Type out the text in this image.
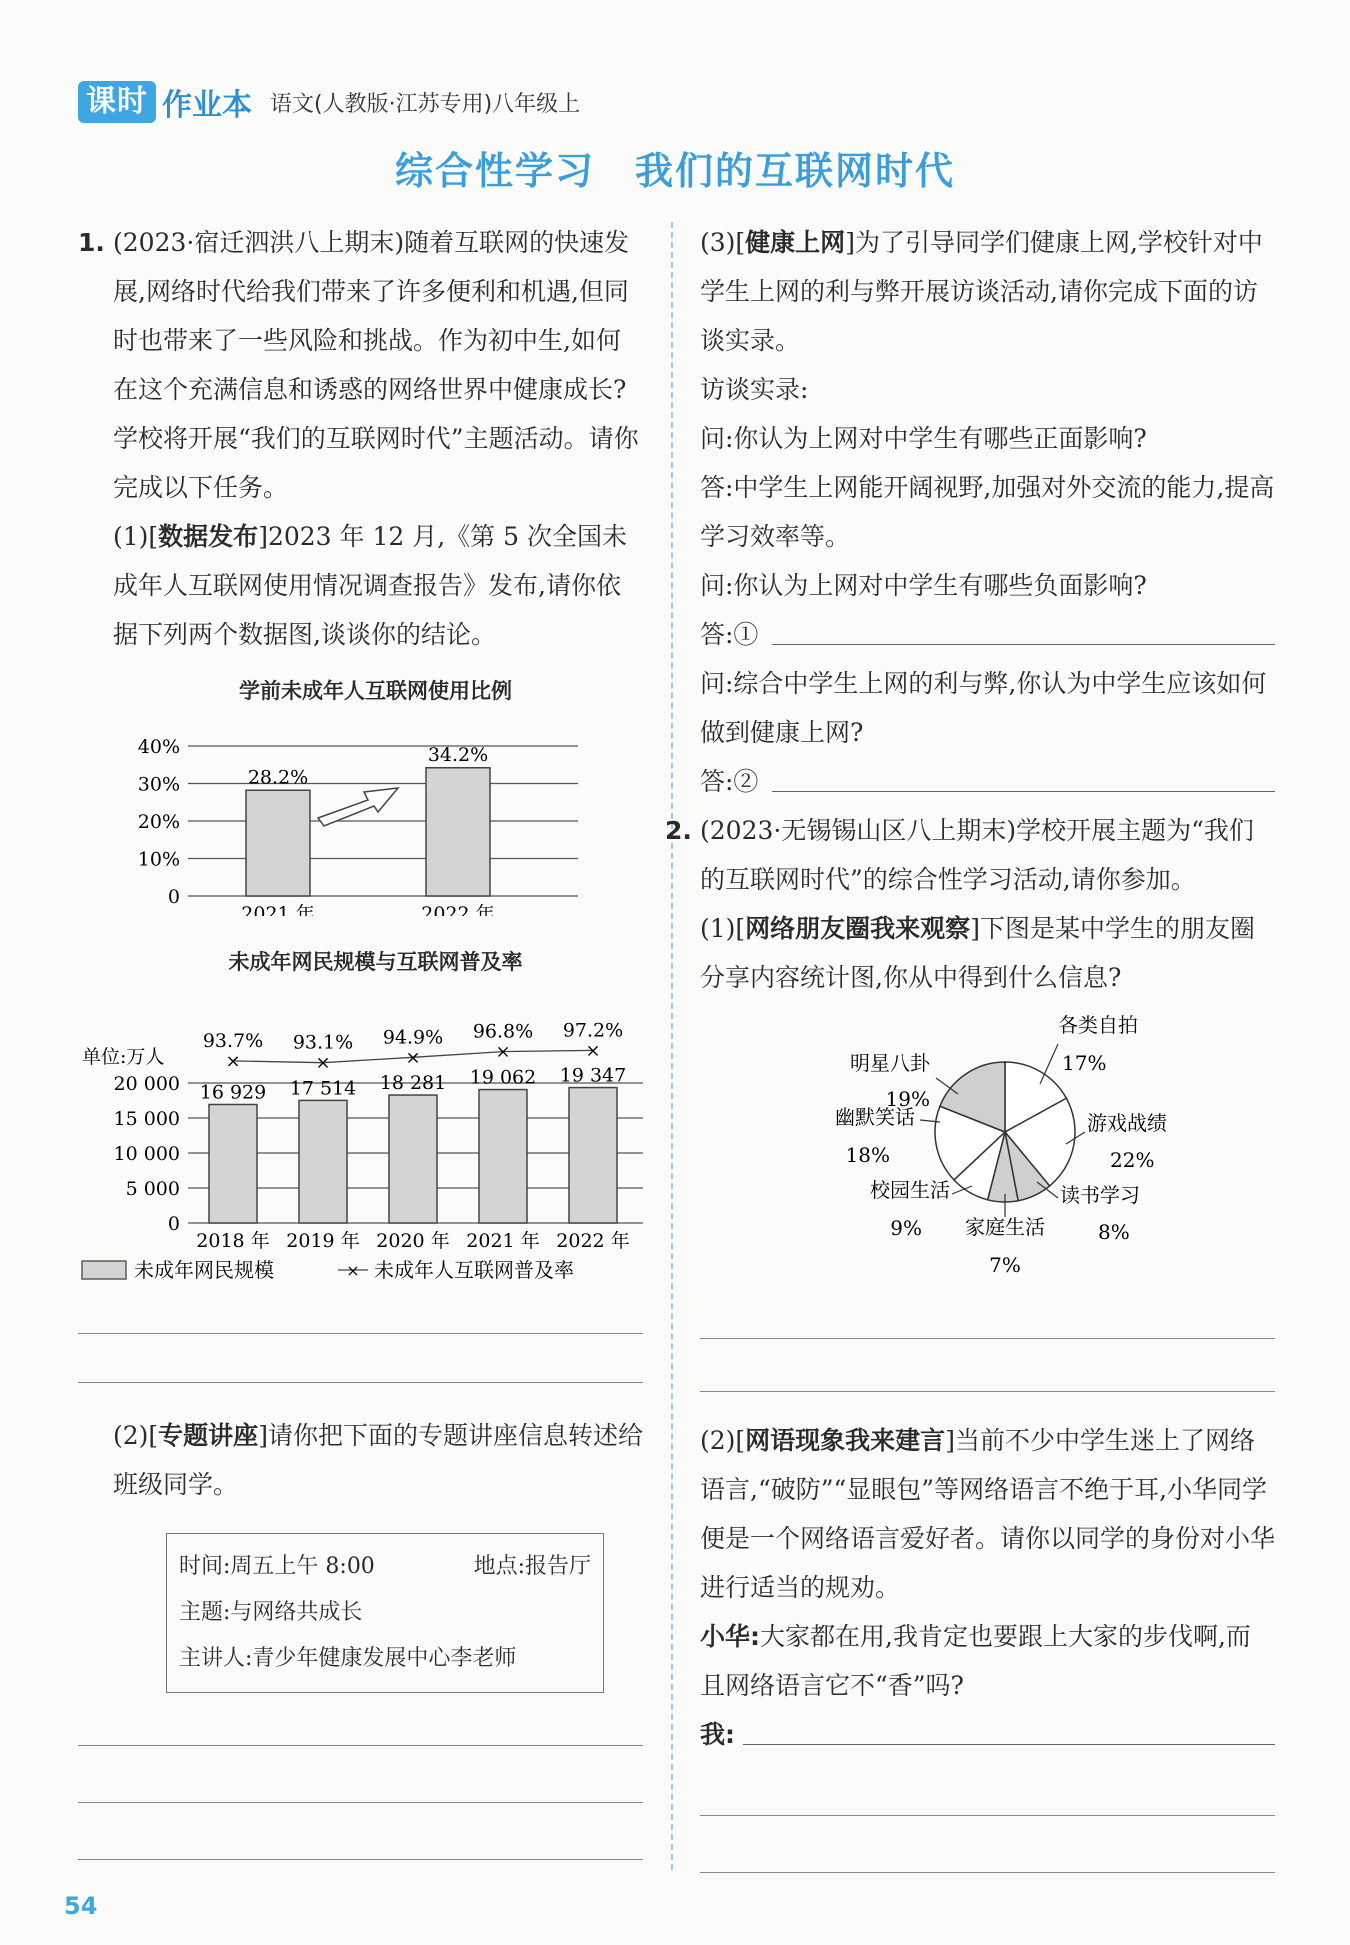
课时 作业本 语文(人教版·江苏专用)八年级上
综合性学习　我们的互联网时代
1. (2023·宿迁泗洪八上期末)随着互联网的快速发展,网络时代给我们带来了许多便利和机遇,但同时也带来了一些风险和挑战。作为初中生,如何在这个充满信息和诱惑的网络世界中健康成长?学校将开展“我们的互联网时代”主题活动。请你完成以下任务。

(1)[数据发布]2023 年 12 月,《第 5 次全国未成年人互联网使用情况调查报告》发布,请你依据下列两个数据图,谈谈你的结论。

学前未成年人互联网使用比例
0
10%
20%
30%
40%
28.2%
2021 年
34.2%
2022 年
未成年网民规模与互联网普及率
0
5 000
10 000
15 000
20 000
单位:万人
16 929
2018 年
17 514
2019 年
18 281
2020 年
19 062
2021 年
19 347
2022 年
×
93.7%
×
93.1%
×
94.9%
×
96.8%
×
97.2%
未成年网民规模	× 未成年人互联网普及率

(2)[专题讲座]请你把下面的专题讲座信息转述给班级同学。

时间:周五上午 8:00	地点:报告厅
主题:与网络共成长
主讲人:青少年健康发展中心李老师

(3)[健康上网]为了引导同学们健康上网,学校针对中学生上网的利与弊开展访谈活动,请你完成下面的访谈实录。

访谈实录:

问:你认为上网对中学生有哪些正面影响?

答:中学生上网能开阔视野,加强对外交流的能力,提高学习效率等。

问:你认为上网对中学生有哪些负面影响?

答:①

问:综合中学生上网的利与弊,你认为中学生应该如何做到健康上网?

答:②

2. (2023·无锡锡山区八上期末)学校开展主题为“我们的互联网时代”的综合性学习活动,请你参加。

(1)[网络朋友圈我来观察]下图是某中学生的朋友圈分享内容统计图,你从中得到什么信息?

各类自拍
17%
游戏战绩
22%
读书学习
8%
家庭生活
7%
校园生活
9%
幽默笑话
18%
明星八卦
19%

(2)[网语现象我来建言]当前不少中学生迷上了网络语言,“破防”“显眼包”等网络语言不绝于耳,小华同学便是一个网络语言爱好者。请你以同学的身份对小华进行适当的规劝。

小华:大家都在用,我肯定也要跟上大家的步伐啊,而且网络语言它不“香”吗?

我:

54
